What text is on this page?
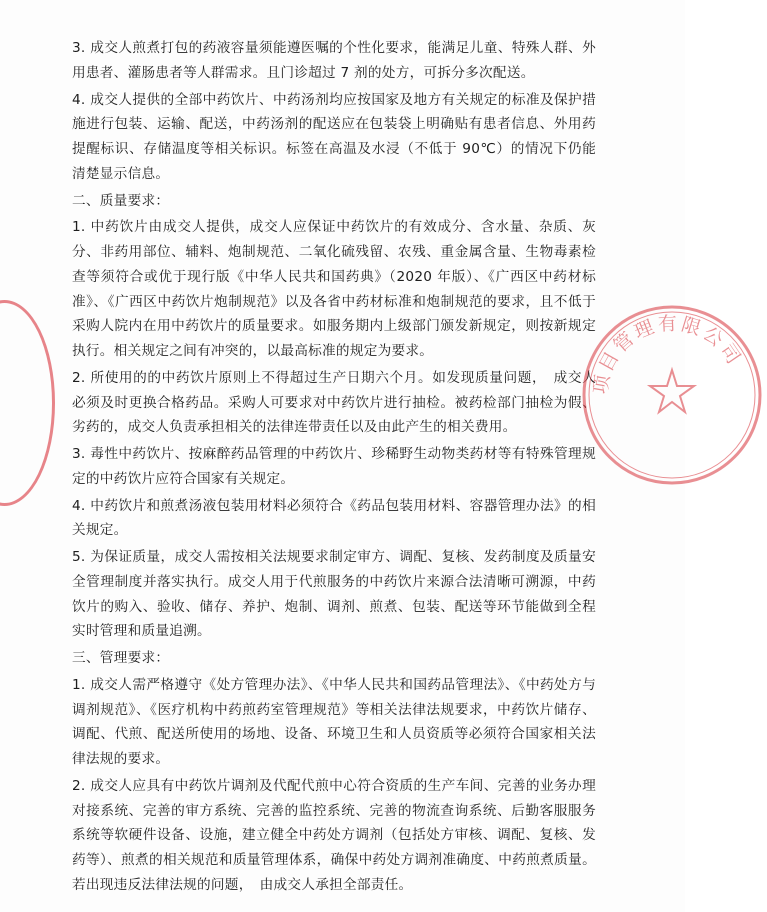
项目管理有限公司

3. 成交人煎煮打包的药液容量须能遵医嘱的个性化要求，能满足儿童、特殊人群、外用患者、灌肠患者等人群需求。且门诊超过 7 剂的处方，可拆分多次配送。

4. 成交人提供的全部中药饮片、中药汤剂均应按国家及地方有关规定的标准及保护措施进行包装、运输、配送，中药汤剂的配送应在包装袋上明确贴有患者信息、外用药提醒标识、存储温度等相关标识。标签在高温及水浸（不低于 90℃）的情况下仍能清楚显示信息。

二、质量要求：

1. 中药饮片由成交人提供，成交人应保证中药饮片的有效成分、含水量、杂质、灰分、非药用部位、辅料、炮制规范、二氧化硫残留、农残、重金属含量、生物毒素检查等须符合或优于现行版《中华人民共和国药典》（2020 年版）、《广西区中药材标准》、《广西区中药饮片炮制规范》以及各省中药材标准和炮制规范的要求，且不低于采购人院内在用中药饮片的质量要求。如服务期内上级部门颁发新规定，则按新规定执行。相关规定之间有冲突的，以最高标准的规定为要求。

2. 所使用的的中药饮片原则上不得超过生产日期六个月。如发现质量问题，　成交人必须及时更换合格药品。采购人可要求对中药饮片进行抽检。被药检部门抽检为假、劣药的，成交人负责承担相关的法律连带责任以及由此产生的相关费用。

3. 毒性中药饮片、按麻醉药品管理的中药饮片、珍稀野生动物类药材等有特殊管理规定的中药饮片应符合国家有关规定。

4. 中药饮片和煎煮汤液包装用材料必须符合《药品包装用材料、容器管理办法》的相关规定。

5. 为保证质量，成交人需按相关法规要求制定审方、调配、复核、发药制度及质量安全管理制度并落实执行。成交人用于代煎服务的中药饮片来源合法清晰可溯源，中药饮片的购入、验收、储存、养护、炮制、调剂、煎煮、包装、配送等环节能做到全程实时管理和质量追溯。

三、管理要求：

1. 成交人需严格遵守《处方管理办法》、《中华人民共和国药品管理法》、《中药处方与调剂规范》、《医疗机构中药煎药室管理规范》等相关法律法规要求，中药饮片储存、调配、代煎、配送所使用的场地、设备、环境卫生和人员资质等必须符合国家相关法律法规的要求。

2. 成交人应具有中药饮片调剂及代配代煎中心符合资质的生产车间、完善的业务办理对接系统、完善的审方系统、完善的监控系统、完善的物流查询系统、后勤客服服务系统等软硬件设备、设施，建立健全中药处方调剂（包括处方审核、调配、复核、发药等）、煎煮的相关规范和质量管理体系，确保中药处方调剂准确度、中药煎煮质量。若出现违反法律法规的问题，　由成交人承担全部责任。
